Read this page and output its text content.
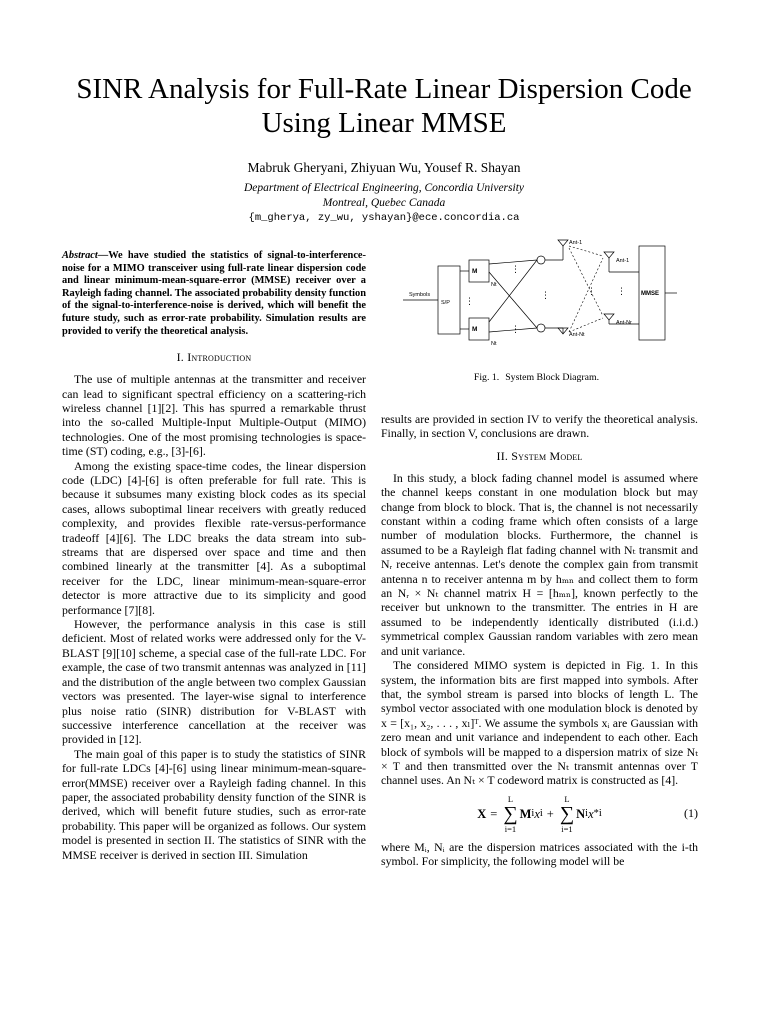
SINR Analysis for Full-Rate Linear Dispersion Code Using Linear MMSE

Mabruk Gheryani, Zhiyuan Wu, Yousef R. Shayan

Department of Electrical Engineering, Concordia University
Montreal, Quebec Canada

{m_gherya, zy_wu, yshayan}@ece.concordia.ca

Abstract—We have studied the statistics of signal-to-interference-noise for a MIMO transceiver using full-rate linear dispersion code and linear minimum-mean-square-error (MMSE) receiver over a Rayleigh fading channel. The associated probability density function of the signal-to-interference-noise is derived, which will benefit the future study, such as error-rate probability. Simulation results are provided to verify the theoretical analysis.

I. Introduction

The use of multiple antennas at the transmitter and receiver can lead to significant spectral efficiency on a scattering-rich wireless channel [1][2]. This has spurred a remarkable thrust into the so-called Multiple-Input Multiple-Output (MIMO) technologies. One of the most promising technologies is space-time (ST) coding, e.g., [3]-[6].

Among the existing space-time codes, the linear dispersion code (LDC) [4]-[6] is often preferable for full rate. This is because it subsumes many existing block codes as its special cases, allows suboptimal linear receivers with greatly reduced complexity, and provides flexible rate-versus-performance tradeoff [4][6]. The LDC breaks the data stream into sub-streams that are dispersed over space and time and then combined linearly at the transmitter [4]. As a suboptimal receiver for the LDC, linear minimum-mean-square-error detector is more attractive due to its simplicity and good performance [7][8].

However, the performance analysis in this case is still deficient. Most of related works were addressed only for the V-BLAST [9][10] scheme, a special case of the full-rate LDC. For example, the case of two transmit antennas was analyzed in [11] and the distribution of the angle between two complex Gaussian vectors was presented. The layer-wise signal to interference plus noise ratio (SINR) distribution for V-BLAST with successive interference cancellation at the receiver was provided in [12].

The main goal of this paper is to study the statistics of SINR for full-rate LDCs [4]-[6] using linear minimum-mean-square-error(MMSE) receiver over a Rayleigh fading channel. In this paper, the associated probability density function of the SINR is derived, which will benefit future studies, such as error-rate probability. This paper will be organized as follows. Our system model is presented in section II. The statistics of SINR with the MMSE receiver is derived in section III. Simulation

Symbols
S/P
M
M
Nt
Nt
Ant-1
Ant-Nt
Ant-1
Ant-Nr
MMSE
⋮
⋮
⋮
⋮	⋮ ⋮

Fig. 1. System Block Diagram.

results are provided in section IV to verify the theoretical analysis. Finally, in section V, conclusions are drawn.

II. System Model

In this study, a block fading channel model is assumed where the channel keeps constant in one modulation block but may change from block to block. That is, the channel is not necessarily constant within a coding frame which often consists of a large number of modulation blocks. Furthermore, the channel is assumed to be a Rayleigh flat fading channel with Nₜ transmit and Nᵣ receive antennas. Let's denote the complex gain from transmit antenna n to receiver antenna m by hₘₙ and collect them to form an Nᵣ × Nₜ channel matrix H = [hₘₙ], known perfectly to the receiver but unknown to the transmitter. The entries in H are assumed to be independently identically distributed (i.i.d.) symmetrical complex Gaussian random variables with zero mean and unit variance.

The considered MIMO system is depicted in Fig. 1. In this system, the information bits are first mapped into symbols. After that, the symbol stream is parsed into blocks of length L. The symbol vector associated with one modulation block is denoted by x = [x₁, x₂, . . . , xₗ]ᵀ. We assume the symbols xᵢ are Gaussian with zero mean and unit variance and independent to each other. Each block of symbols will be mapped to a dispersion matrix of size Nₜ × T and then transmitted over the Nₜ transmit antennas over T channel uses. An Nₜ × T codeword matrix is constructed as [4].

X =
L
∑
i=1
M i x i +
L
∑
i=1
N i x * i	(1)

where Mᵢ, Nᵢ are the dispersion matrices associated with the i-th symbol. For simplicity, the following model will be
